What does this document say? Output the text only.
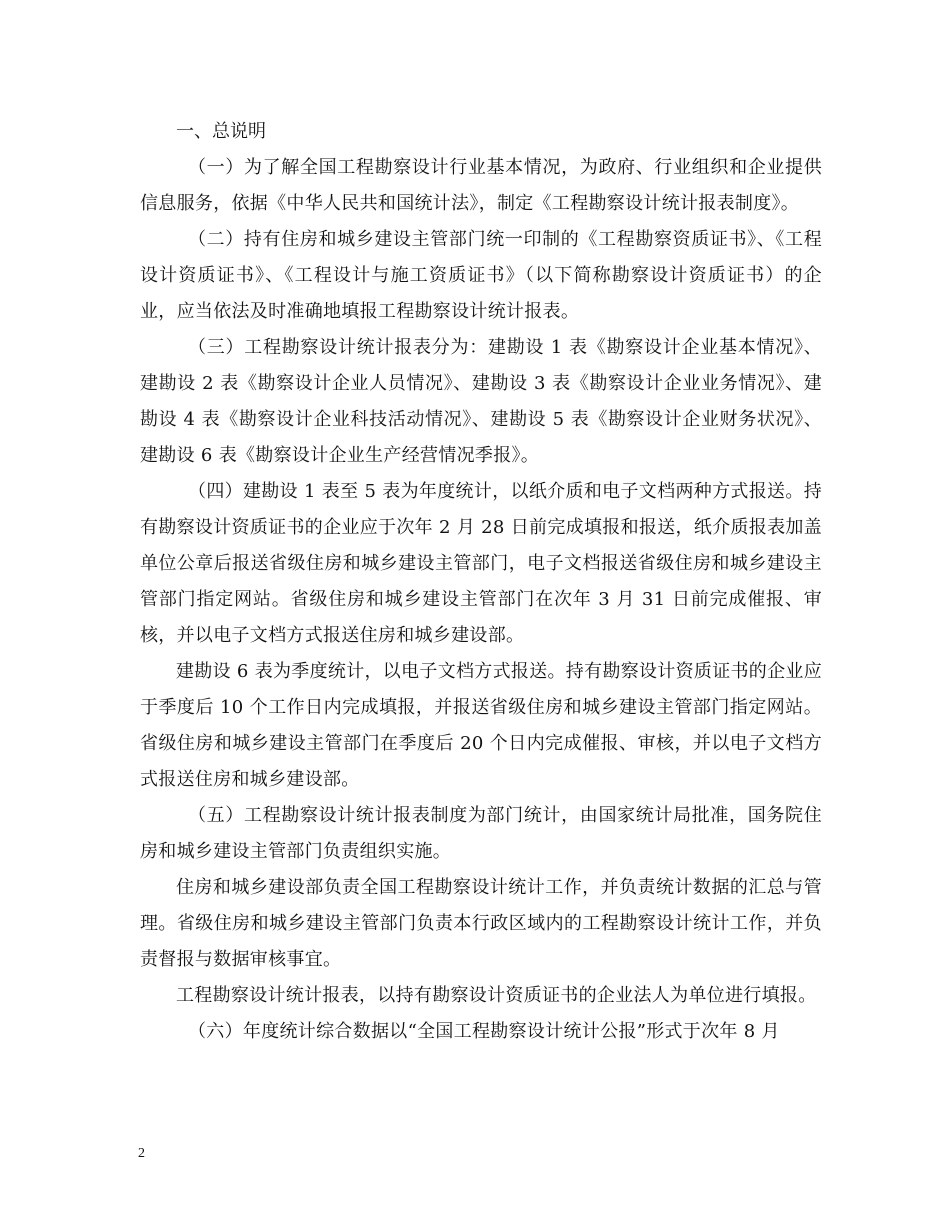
一、总说明

（一）为了解全国工程勘察设计行业基本情况，为政府、行业组织和企业提供信息服务，依据《中华人民共和国统计法》，制定《工程勘察设计统计报表制度》。

（二）持有住房和城乡建设主管部门统一印制的《工程勘察资质证书》、《工程设计资质证书》、《工程设计与施工资质证书》（以下简称勘察设计资质证书）的企业，应当依法及时准确地填报工程勘察设计统计报表。

（三）工程勘察设计统计报表分为：建勘设 1 表《勘察设计企业基本情况》、建勘设 2 表《勘察设计企业人员情况》、建勘设 3 表《勘察设计企业业务情况》、建勘设 4 表《勘察设计企业科技活动情况》、建勘设 5 表《勘察设计企业财务状况》、建勘设 6 表《勘察设计企业生产经营情况季报》。

（四）建勘设 1 表至 5 表为年度统计，以纸介质和电子文档两种方式报送。持有勘察设计资质证书的企业应于次年 2 月 28 日前完成填报和报送，纸介质报表加盖单位公章后报送省级住房和城乡建设主管部门，电子文档报送省级住房和城乡建设主管部门指定网站。省级住房和城乡建设主管部门在次年 3 月 31 日前完成催报、审核，并以电子文档方式报送住房和城乡建设部。

建勘设 6 表为季度统计，以电子文档方式报送。持有勘察设计资质证书的企业应于季度后 10 个工作日内完成填报，并报送省级住房和城乡建设主管部门指定网站。省级住房和城乡建设主管部门在季度后 20 个日内完成催报、审核，并以电子文档方式报送住房和城乡建设部。

（五）工程勘察设计统计报表制度为部门统计，由国家统计局批准，国务院住房和城乡建设主管部门负责组织实施。

住房和城乡建设部负责全国工程勘察设计统计工作，并负责统计数据的汇总与管理。省级住房和城乡建设主管部门负责本行政区域内的工程勘察设计统计工作，并负责督报与数据审核事宜。

工程勘察设计统计报表，以持有勘察设计资质证书的企业法人为单位进行填报。

（六）年度统计综合数据以“全国工程勘察设计统计公报”形式于次年 8 月

2
